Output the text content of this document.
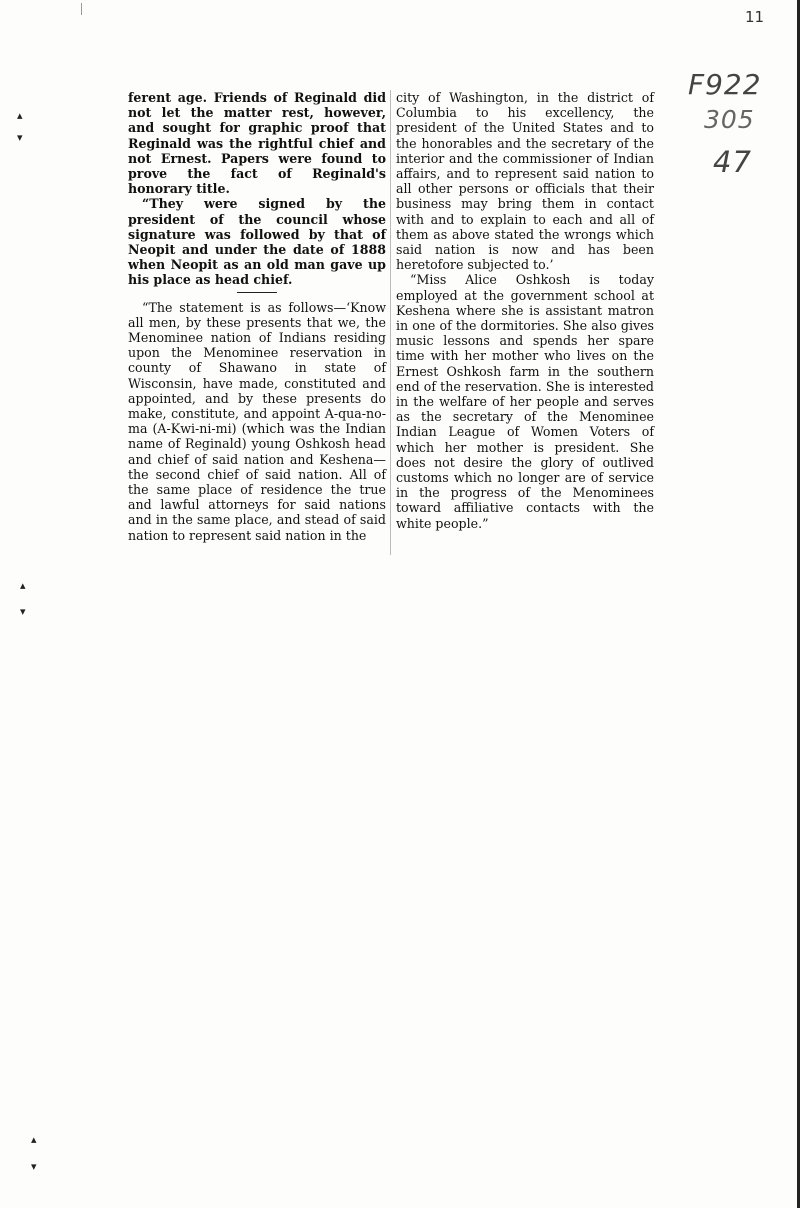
11
F922
305
47
▴
▾
▴
▾
▴
▾

ferent age. Friends of Reginald did not let the matter rest, however, and sought for graphic proof that Reginald was the rightful chief and not Ernest. Papers were found to prove the fact of Reginald's honorary title.

“They were signed by the president of the council whose signature was followed by that of Neopit and under the date of 1888 when Neopit as an old man gave up his place as head chief.

“The statement is as follows—‘Know all men, by these presents that we, the Menominee nation of Indians residing upon the Menominee reservation in county of Shawano in state of Wisconsin, have made, constituted and appointed, and by these presents do make, constitute, and appoint A-qua-no-ma (A-Kwi-ni-mi) (which was the Indian name of Reginald) young Oshkosh head and chief of said nation and Keshena—the second chief of said nation. All of the same place of residence the true and lawful attorneys for said nations and in the same place, and stead of said nation to represent said nation in the

city of Washington, in the district of Columbia to his excellency, the president of the United States and to the honorables and the secretary of the interior and the commissioner of Indian affairs, and to represent said nation to all other persons or officials that their business may bring them in contact with and to explain to each and all of them as above stated the wrongs which said nation is now and has been heretofore subjected to.’

“Miss Alice Oshkosh is today employed at the government school at Keshena where she is assistant matron in one of the dormitories. She also gives music lessons and spends her spare time with her mother who lives on the Ernest Oshkosh farm in the southern end of the reservation. She is interested in the welfare of her people and serves as the secretary of the Menominee Indian League of Women Voters of which her mother is president. She does not desire the glory of outlived customs which no longer are of service in the progress of the Menominees toward affiliative contacts with the white people.”
